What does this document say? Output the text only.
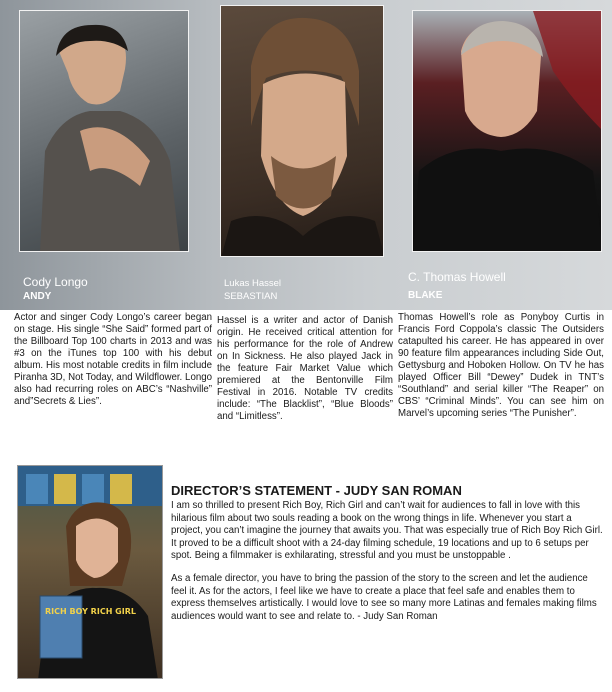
Cody Longo
ANDY
Lukas Hassel
SEBASTIAN
C. Thomas Howell
BLAKE

Actor and singer Cody Longo’s career began on stage. His single “She Said” formed part of the Billboard Top 100 charts in 2013 and was #3 on the iTunes top 100 with his debut album. His most notable credits in film include Piranha 3D, Not Today, and Wildflower. Longo also had recurring roles on ABC’s “Nashville” and”Secrets & Lies”.

Hassel is a writer and actor of Danish origin. He received critical attention for his performance for the role of Andrew on In Sickness. He also played Jack in the feature Fair Market Value which premiered at the Bentonville Film Festival in 2016. Notable TV credits include: “The Blacklist”, “Blue Bloods” and “Limitless”.

Thomas Howell’s role as Ponyboy Curtis in Francis Ford Coppola’s classic The Outsiders catapulted his career. He has appeared in over 90 feature film appearances including Side Out, Gettysburg and Hoboken Hollow. On TV he has played Officer Bill “Dewey” Dudek in TNT’s “Southland” and serial killer “The Reaper” on CBS’ “Criminal Minds”. You can see him on Marvel’s upcoming series “The Punisher”.

RICH BOY RICH GIRL
DIRECTOR’S STATEMENT - JUDY SAN ROMAN

I am so thrilled to present Rich Boy, Rich Girl and can’t wait for audiences to fall in love with this hilarious film about two souls reading a book on the wrong things in life. Whenever you start a project, you can’t imagine the journey that awaits you. That was especially true of Rich Boy Rich Girl. It proved to be a difficult shoot with a 24-day filming schedule, 19 locations and up to 6 setups per spot. Being a filmmaker is exhilarating, stressful and you must be unstoppable .

As a female director, you have to bring the passion of the story to the screen and let the audience feel it. As for the actors, I feel like we have to create a place that feel safe and enables them to express themselves artistically. I would love to see so many more Latinas and females making films audiences would want to see and relate to. - Judy San Roman
